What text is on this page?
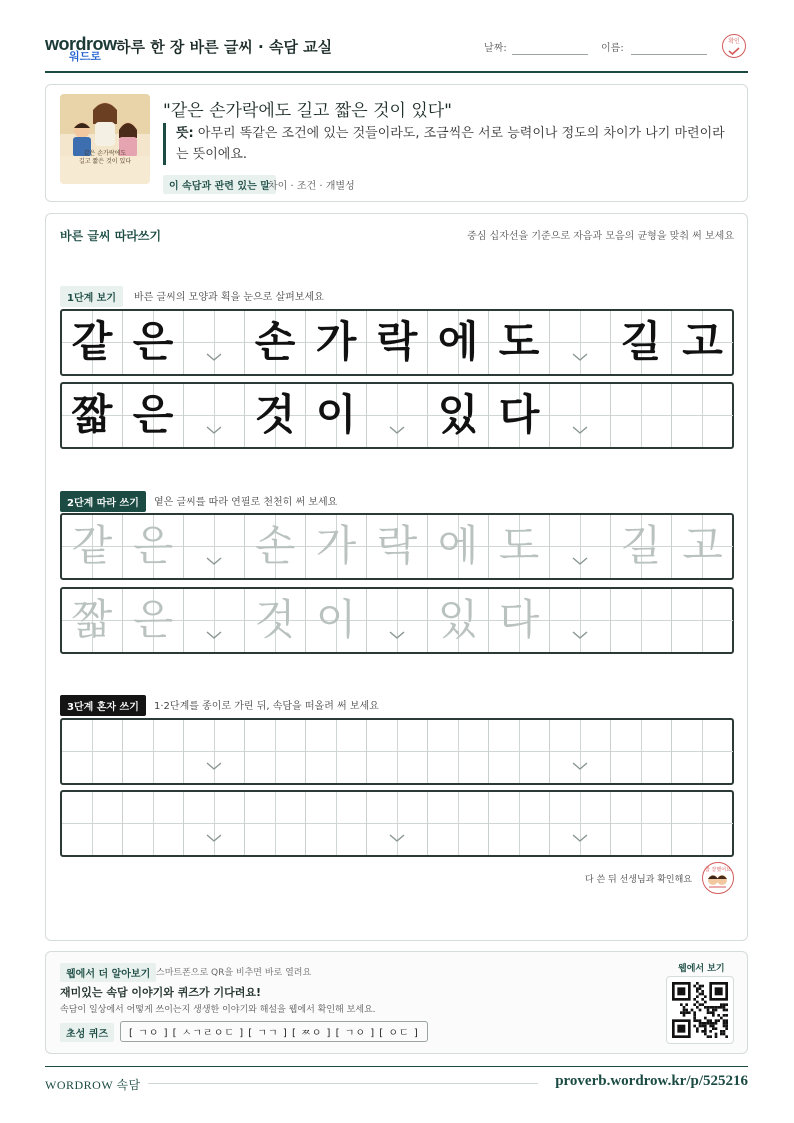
wordrow
워드로
하루 한 장 바른 글씨 · 속담 교실	날짜:	이름:
확인

같은 손가락에도
길고 짧은 것이 있다
"같은 손가락에도 길고 짧은 것이 있다"
뜻: 아무리 똑같은 조건에 있는 것들이라도, 조금씩은 서로 능력이나 정도의 차이가 나기 마련이라는 뜻이에요.
이 속담과 관련 있는 말
차이 · 조건 · 개별성
바른 글씨 따라쓰기	중심 십자선을 기준으로 자음과 모음의 균형을 맞춰 써 보세요
1단계 보기	바른 글씨의 모양과 획을 눈으로 살펴보세요
같 은 손 가 락 에 도 길 고
짧 은 것 이 있 다
2단계 따라 쓰기	옅은 글씨를 따라 연필로 천천히 써 보세요
같 은 손 가 락 에 도 길 고
짧 은 것 이 있 다
3단계 혼자 쓰기	1·2단계를 종이로 가린 뒤, 속담을 떠올려 써 보세요
다 쓴 뒤 선생님과 확인해요
참 잘했어요
웹에서 더 알아보기 스마트폰으로 QR을 비추면 바로 열려요
재미있는 속담 이야기와 퀴즈가 기다려요!
속담이 일상에서 어떻게 쓰이는지 생생한 이야기와 해설을 웹에서 확인해 보세요.
초성 퀴즈	[ ㄱㅇ ] [ ㅅㄱㄹㅇㄷ ] [ ㄱㄱ ] [ ㅉㅇ ] [ ㄱㅇ ] [ ㅇㄷ ]
웹에서 보기
WORDROW 속담	proverb.wordrow.kr/p/525216
